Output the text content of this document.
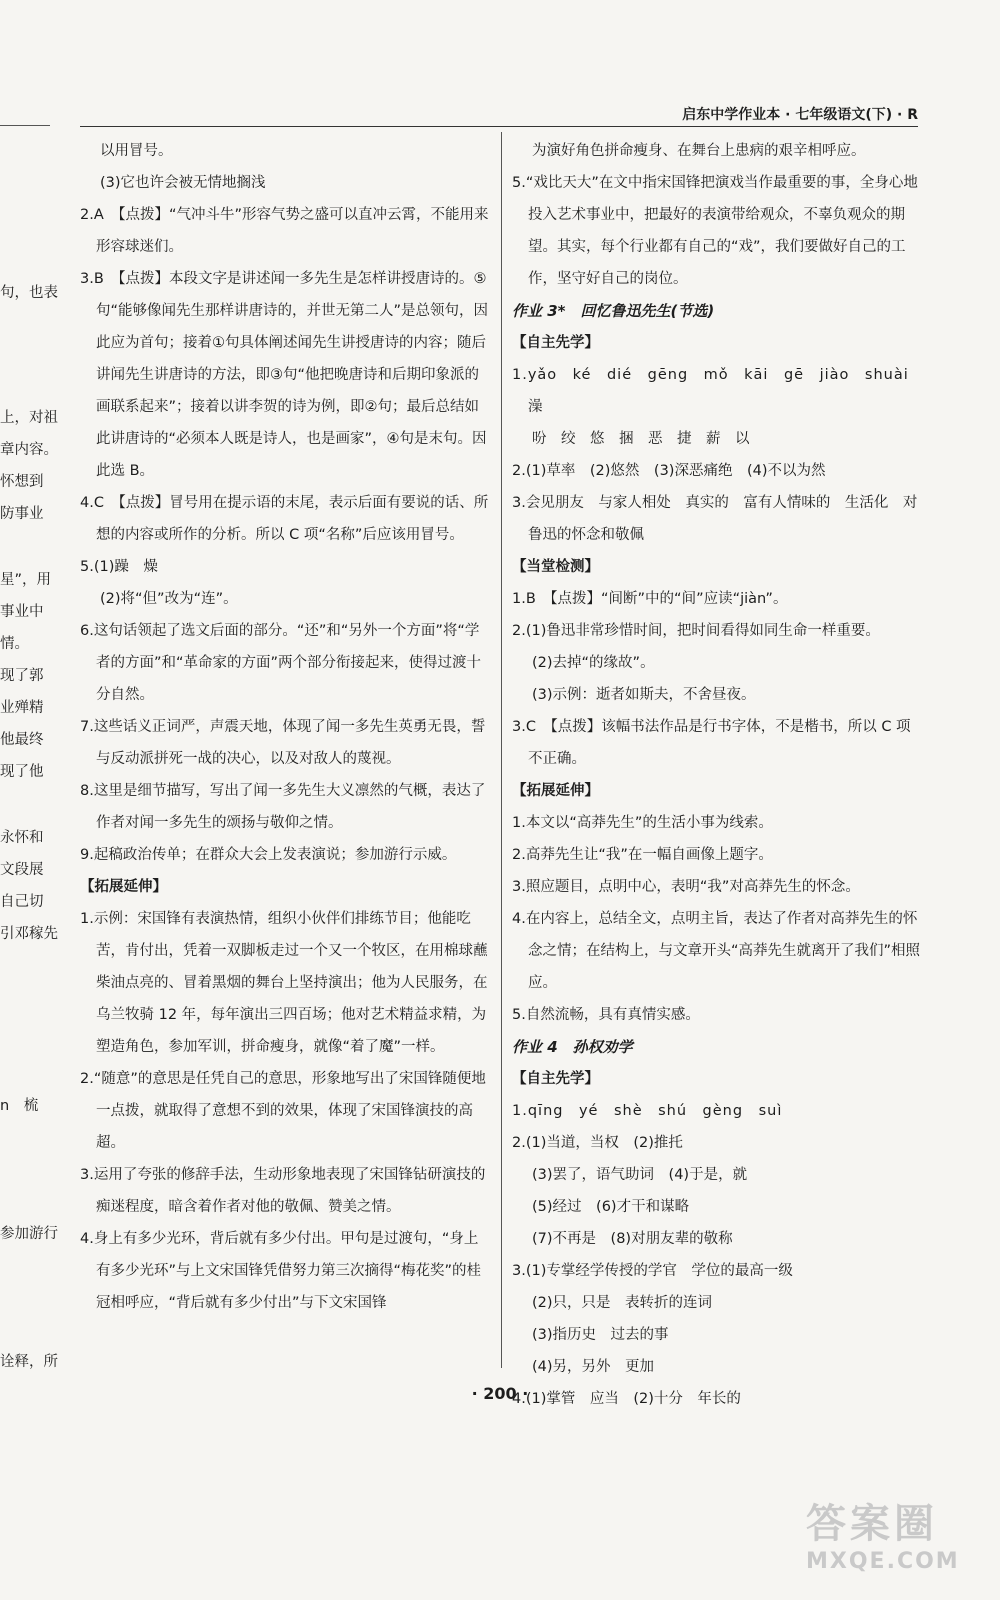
启东中学作业本 · 七年级语文(下) · R
句，也表
上，对祖
章内容。
怀想到
防事业
星”，用
事业中
情。
现了郭
业殚精
他最终
现了他
永怀和
文段展
自己切
引邓稼先
n　梳
参加游行
诠释，所

以用冒号。

(3)它也许会被无情地搁浅

2.A　【点拨】“气冲斗牛”形容气势之盛可以直冲云霄，不能用来形容球迷们。

3.B　【点拨】本段文字是讲述闻一多先生是怎样讲授唐诗的。⑤句“能够像闻先生那样讲唐诗的，并世无第二人”是总领句，因此应为首句；接着①句具体阐述闻先生讲授唐诗的内容；随后讲闻先生讲唐诗的方法，即③句“他把晚唐诗和后期印象派的画联系起来”；接着以讲李贺的诗为例，即②句；最后总结如此讲唐诗的“必须本人既是诗人，也是画家”，④句是末句。因此选 B。

4.C　【点拨】冒号用在提示语的末尾，表示后面有要说的话、所想的内容或所作的分析。所以 C 项“名称”后应该用冒号。

5.(1)躁　燥

(2)将“但”改为“连”。

6.这句话领起了选文后面的部分。“还”和“另外一个方面”将“学者的方面”和“革命家的方面”两个部分衔接起来，使得过渡十分自然。

7.这些话义正词严，声震天地，体现了闻一多先生英勇无畏，誓与反动派拼死一战的决心，以及对敌人的蔑视。

8.这里是细节描写，写出了闻一多先生大义凛然的气概，表达了作者对闻一多先生的颂扬与敬仰之情。

9.起稿政治传单；在群众大会上发表演说；参加游行示威。

【拓展延伸】

1.示例：宋国锋有表演热情，组织小伙伴们排练节目；他能吃苦，肯付出，凭着一双脚板走过一个又一个牧区，在用棉球蘸柴油点亮的、冒着黑烟的舞台上坚持演出；他为人民服务，在乌兰牧骑 12 年，每年演出三四百场；他对艺术精益求精，为塑造角色，参加军训，拼命瘦身，就像“着了魔”一样。

2.“随意”的意思是任凭自己的意思，形象地写出了宋国锋随便地一点拨，就取得了意想不到的效果，体现了宋国锋演技的高超。

3.运用了夸张的修辞手法，生动形象地表现了宋国锋钻研演技的痴迷程度，暗含着作者对他的敬佩、赞美之情。

4.身上有多少光环，背后就有多少付出。甲句是过渡句，“身上有多少光环”与上文宋国锋凭借努力第三次摘得“梅花奖”的桂冠相呼应，“背后就有多少付出”与下文宋国锋

为演好角色拼命瘦身、在舞台上患病的艰辛相呼应。

5.“戏比天大”在文中指宋国锋把演戏当作最重要的事，全身心地投入艺术事业中，把最好的表演带给观众，不辜负观众的期望。其实，每个行业都有自己的“戏”，我们要做好自己的工作，坚守好自己的岗位。

作业 3*　回忆鲁迅先生(节选)

【自主先学】

1.yǎo　ké　dié　gēng　mǒ　kāi　gē　jiào　shuài　澡

吩　绞　悠　捆　恶　捷　薪　以

2.(1)草率　(2)悠然　(3)深恶痛绝　(4)不以为然

3.会见朋友　与家人相处　真实的　富有人情味的　生活化　对鲁迅的怀念和敬佩

【当堂检测】

1.B　【点拨】“间断”中的“间”应读“jiàn”。

2.(1)鲁迅非常珍惜时间，把时间看得如同生命一样重要。

(2)去掉“的缘故”。

(3)示例：逝者如斯夫，不舍昼夜。

3.C　【点拨】该幅书法作品是行书字体，不是楷书，所以 C 项不正确。

【拓展延伸】

1.本文以“高莽先生”的生活小事为线索。

2.高莽先生让“我”在一幅自画像上题字。

3.照应题目，点明中心，表明“我”对高莽先生的怀念。

4.在内容上，总结全文，点明主旨，表达了作者对高莽先生的怀念之情；在结构上，与文章开头“高莽先生就离开了我们”相照应。

5.自然流畅，具有真情实感。

作业 4　孙权劝学

【自主先学】

1.qīng　yé　shè　shú　gèng　suì

2.(1)当道，当权　(2)推托

(3)罢了，语气助词　(4)于是，就

(5)经过　(6)才干和谋略

(7)不再是　(8)对朋友辈的敬称

3.(1)专掌经学传授的学官　学位的最高一级

(2)只，只是　表转折的连词

(3)指历史　过去的事

(4)另，另外　更加

4.(1)掌管　应当　(2)十分　年长的

· 200 ·
答案圈
MXQE.COM
